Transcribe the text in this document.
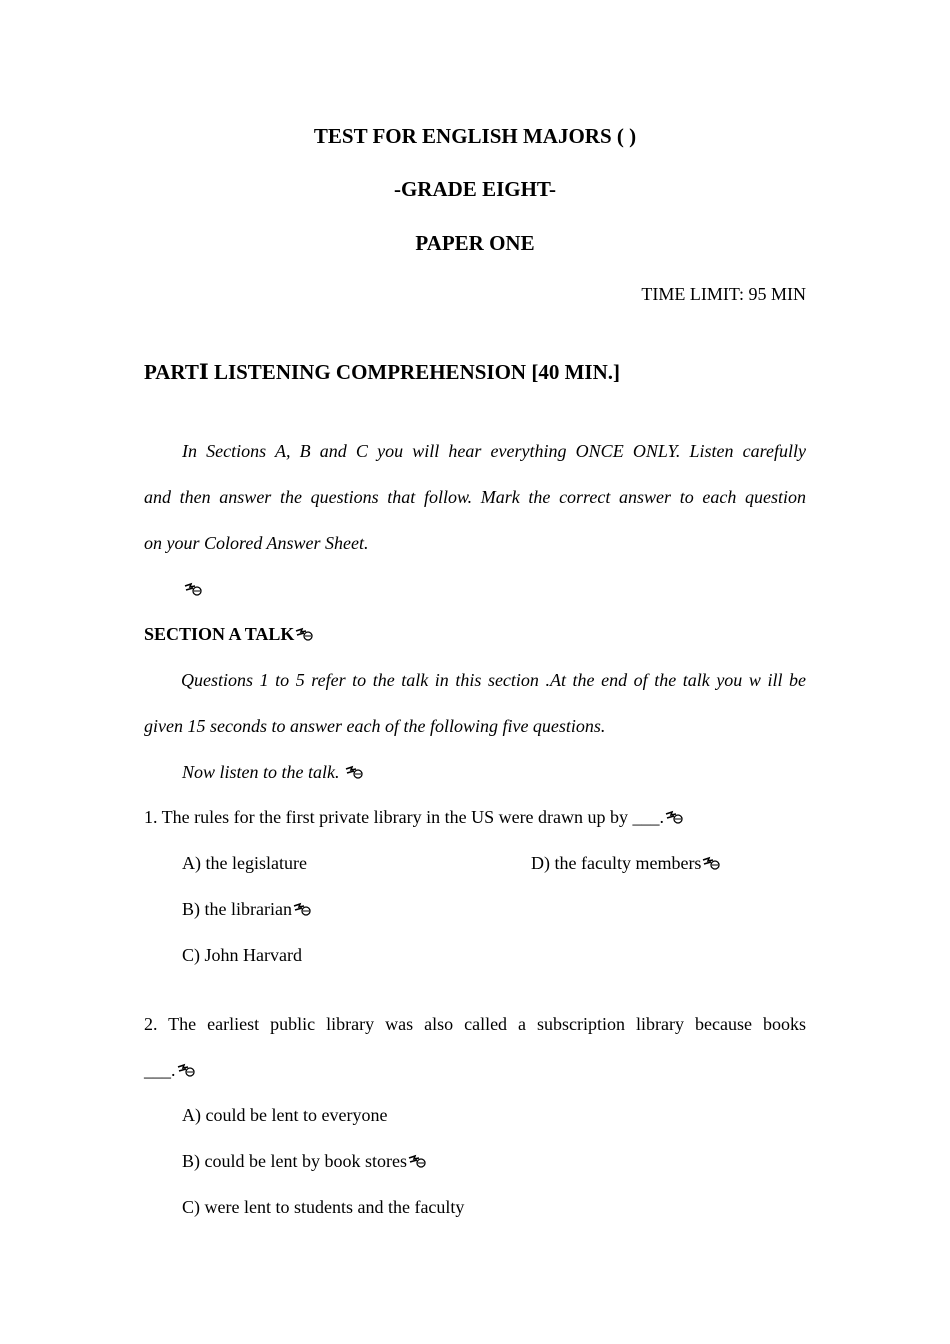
TEST FOR ENGLISH MAJORS ( )
-GRADE EIGHT-
PAPER ONE
TIME LIMIT: 95 MIN
PARTⅠ LISTENING COMPREHENSION [40 MIN.]
In Sections A, B and C you will hear everything ONCE ONLY. Listen carefully
and then answer the questions that follow. Mark the correct answer to each question
on your Colored Answer Sheet.
SECTION A TALK
Questions 1 to 5 refer to the talk in this section .At the end of the talk you w ill be
given 15 seconds to answer each of the following five questions.
Now listen to the talk.
1. The rules for the first private library in the US were drawn up by ___.
A) the legislature	D) the faculty members
B) the librarian
C) John Harvard
2. The earliest public library was also called a subscription library because books
___.
A) could be lent to everyone
B) could be lent by book stores
C) were lent to students and the faculty
